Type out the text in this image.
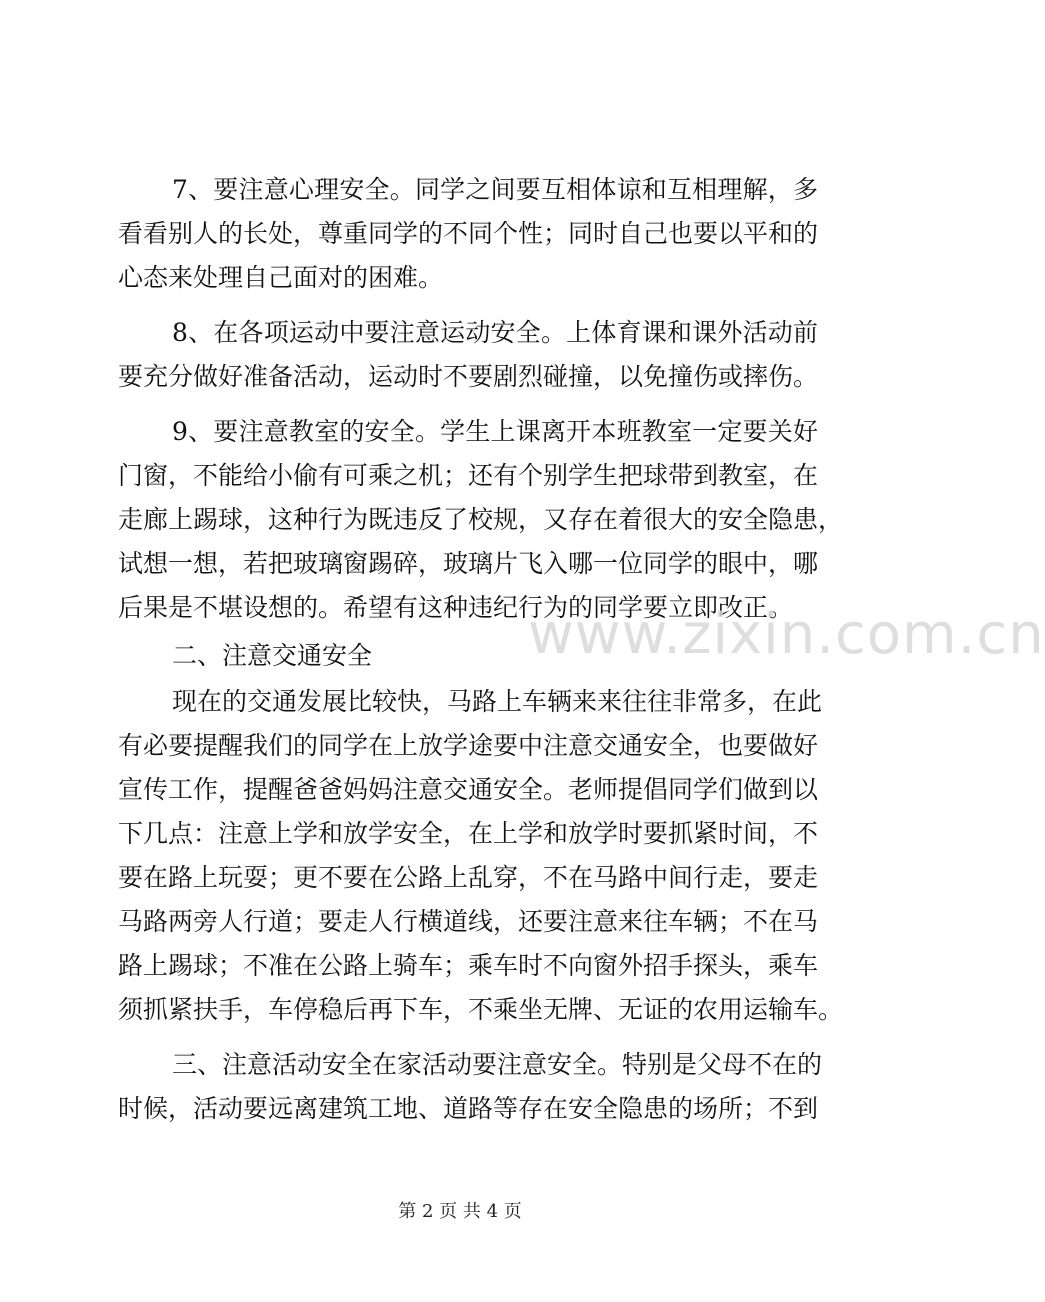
7、要注意心理安全。同学之间要互相体谅和互相理解，多
看看别人的长处，尊重同学的不同个性；同时自己也要以平和的
心态来处理自己面对的困难。
8、在各项运动中要注意运动安全。上体育课和课外活动前
要充分做好准备活动，运动时不要剧烈碰撞，以免撞伤或摔伤。
9、要注意教室的安全。学生上课离开本班教室一定要关好
门窗，不能给小偷有可乘之机；还有个别学生把球带到教室，在
走廊上踢球，这种行为既违反了校规，又存在着很大的安全隐患，
试想一想，若把玻璃窗踢碎，玻璃片飞入哪一位同学的眼中，哪
后果是不堪设想的。希望有这种违纪行为的同学要立即改正。
二、注意交通安全
现在的交通发展比较快，马路上车辆来来往往非常多，在此
有必要提醒我们的同学在上放学途要中注意交通安全，也要做好
宣传工作，提醒爸爸妈妈注意交通安全。老师提倡同学们做到以
下几点：注意上学和放学安全，在上学和放学时要抓紧时间，不
要在路上玩耍；更不要在公路上乱穿，不在马路中间行走，要走
马路两旁人行道；要走人行横道线，还要注意来往车辆；不在马
路上踢球；不准在公路上骑车；乘车时不向窗外招手探头，乘车
须抓紧扶手，车停稳后再下车，不乘坐无牌、无证的农用运输车。
三、注意活动安全在家活动要注意安全。特别是父母不在的
时候，活动要远离建筑工地、道路等存在安全隐患的场所；不到
www.zixin.com.cn
第 2 页 共 4 页
